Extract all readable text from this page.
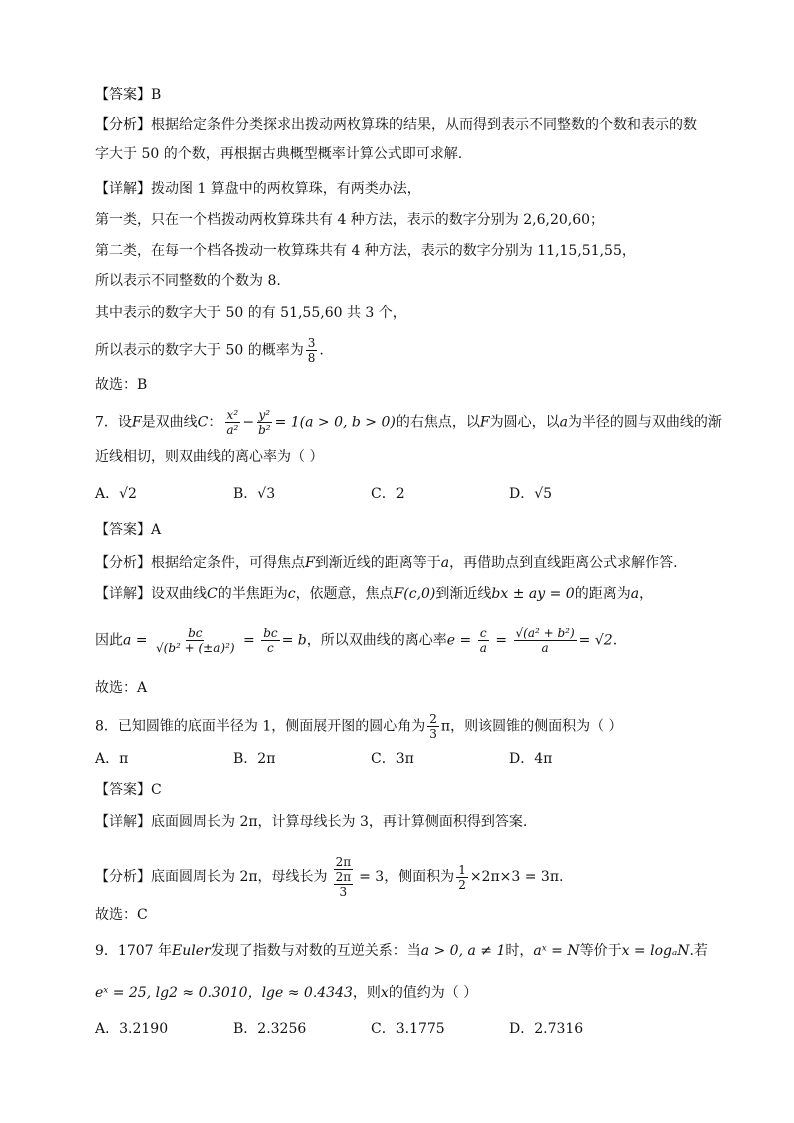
【答案】B
【分析】根据给定条件分类探求出拨动两枚算珠的结果，从而得到表示不同整数的个数和表示的数
字大于 50 的个数，再根据古典概型概率计算公式即可求解.
【详解】拨动图 1 算盘中的两枚算珠，有两类办法，
第一类，只在一个档拨动两枚算珠共有 4 种方法，表示的数字分别为 2,6,20,60；
第二类，在每一个档各拨动一枚算珠共有 4 种方法，表示的数字分别为 11,15,51,55，
所以表示不同整数的个数为 8.
其中表示的数字大于 50 的有 51,55,60 共 3 个，
所以表示的数字大于 50 的概率为 $\frac{3}{8}$ .
故选：B
7．设F是双曲线C： $\frac{\text{x²}}{\text{a²}} - \frac{\text{y²}}{\text{b²}} = 1(a > 0$, b > 0)的右焦点，以F为圆心，以a为半径的圆与双曲线的渐
近线相切，则双曲线的离心率为（ ）
A．√2	B．√3	C．2	D．√5
【答案】A
【分析】根据给定条件，可得焦点F到渐近线的距离等于a，再借助点到直线距离公式求解作答.
【详解】设双曲线C的半焦距为c，依题意，焦点F(c,0)到渐近线bx ± ay = 0的距离为a，
因此$a = \frac{bc}{\text{√(b² + (±a)²)}} = \frac{bc}{c} = b$，所以双曲线的离心率$e = \frac{c}{a} = \frac{\text{√(a² + b²)}}{a} = √2$.
故选：A
8．已知圆锥的底面半径为 1，侧面展开图的圆心角为 $\frac{2}{3}$ π，则该圆锥的侧面积为（ ）
A．π	B．2π	C．3π	D．4π
【答案】C
【详解】底面圆周长为 2π，计算母线长为 3，再计算侧面积得到答案.
【分析】底面圆周长为 2π，母线长为 $\frac{2\pi}{\frac{2\pi}{3}} = 3$，侧面积为 $\frac{1}{2} \times 2\pi\times 3 = 3\pi$.
故选：C
9．1707 年Euler发现了指数与对数的互逆关系：当a > 0, a ≠ 1时，aˣ = N等价于x = logₐN.若
eˣ = 25, lg2 ≈ 0.3010，lge ≈ 0.4343，则x的值约为（ ）
A．3.2190	B．2.3256	C．3.1775	D．2.7316
